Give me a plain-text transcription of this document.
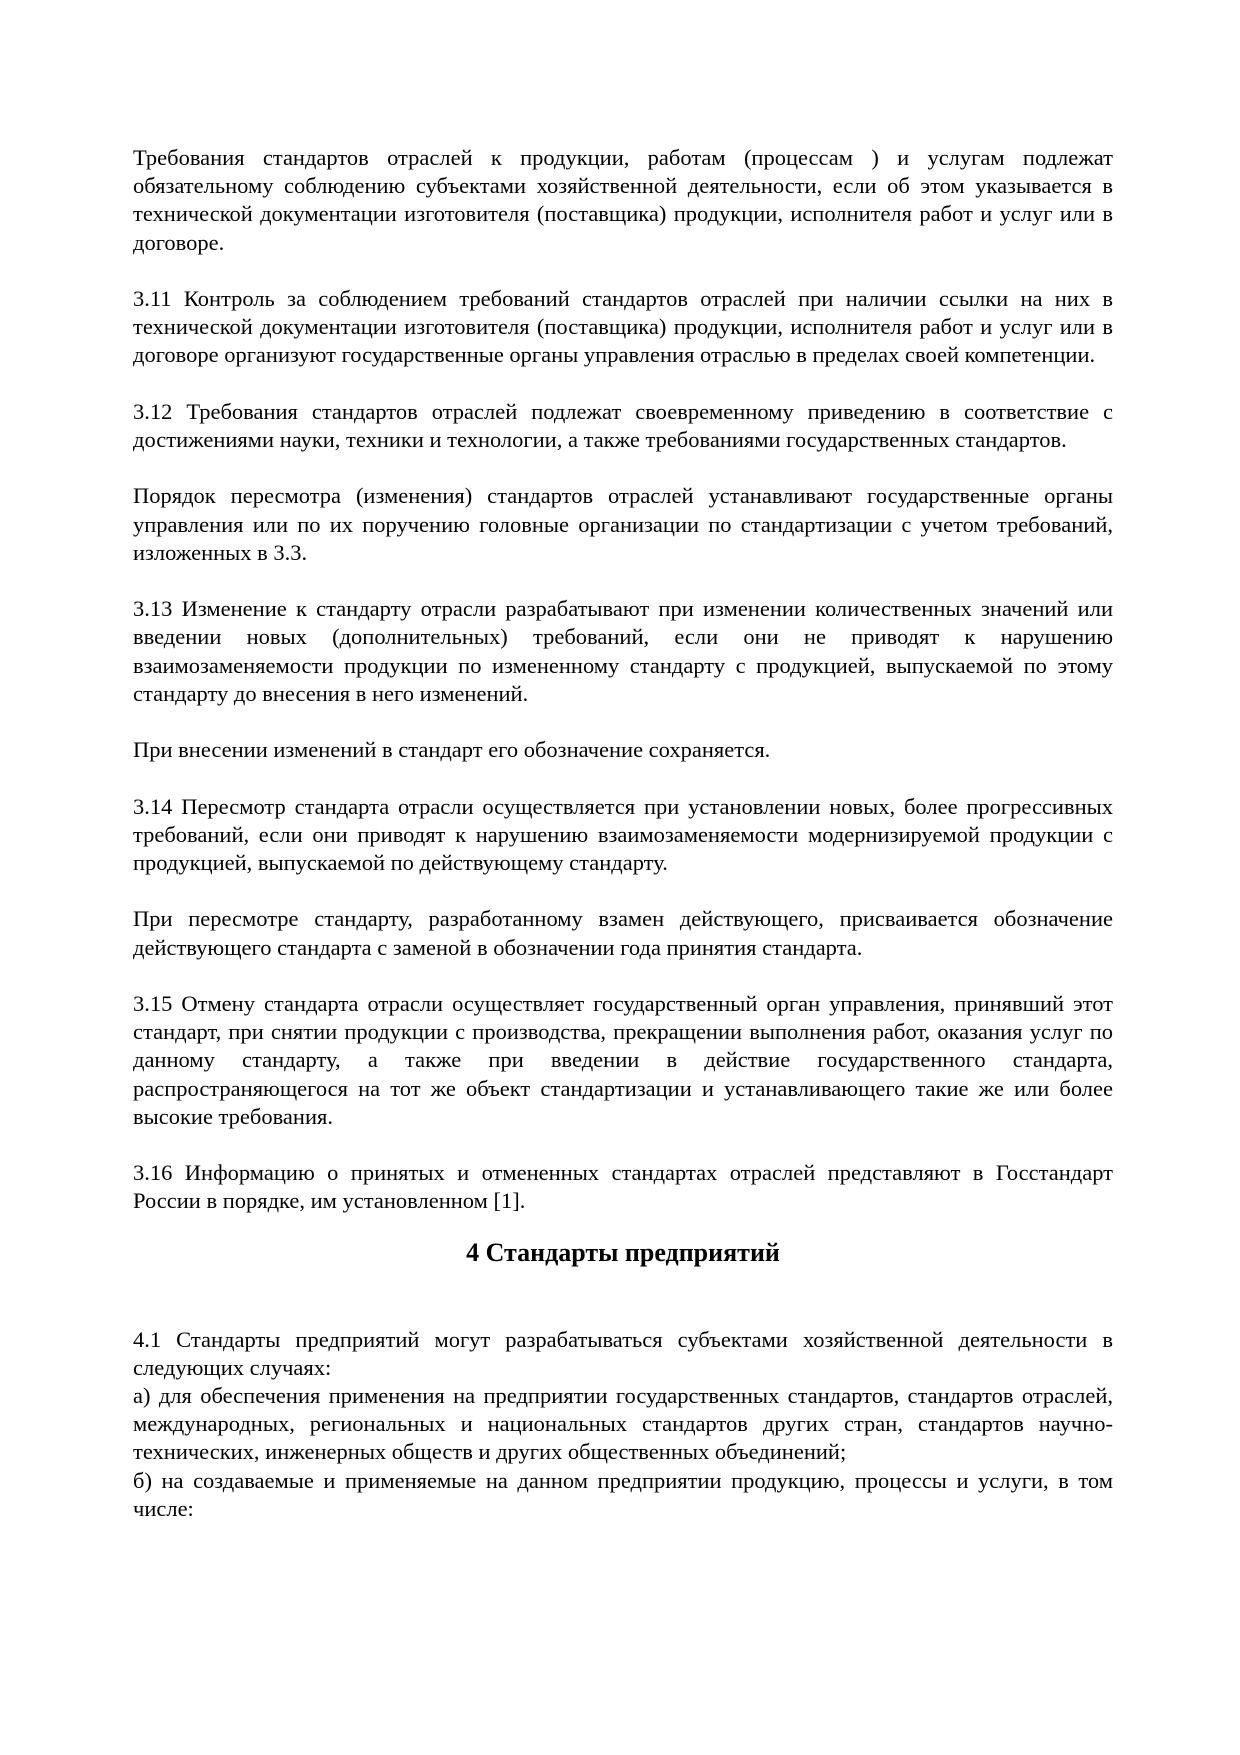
Требования стандартов отраслей к продукции, работам (процессам ) и услугам подлежат обязательному соблюдению субъектами хозяйственной деятельности, если об этом указывается в технической документации изготовителя (поставщика) продукции, исполнителя работ и услуг или в договоре.

3.11 Контроль за соблюдением требований стандартов отраслей при наличии ссылки на них в технической документации изготовителя (поставщика) продукции, исполнителя работ и услуг или в договоре организуют государственные органы управления отраслью в пределах своей компетенции.

3.12 Требования стандартов отраслей подлежат своевременному приведению в соответствие с достижениями науки, техники и технологии, а также требованиями государственных стандартов.

Порядок пересмотра (изменения) стандартов отраслей устанавливают государственные органы управления или по их поручению головные организации по стандартизации с учетом требований, изложенных в 3.3.

3.13 Изменение к стандарту отрасли разрабатывают при изменении количественных значений или введении новых (дополнительных) требований, если они не приводят к нарушению взаимозаменяемости продукции по измененному стандарту с продукцией, выпускаемой по этому стандарту до внесения в него изменений.

При внесении изменений в стандарт его обозначение сохраняется.

3.14 Пересмотр стандарта отрасли осуществляется при установлении новых, более прогрессивных требований, если они приводят к нарушению взаимозаменяемости модернизируемой продукции с продукцией, выпускаемой по действующему стандарту.

При пересмотре стандарту, разработанному взамен действующего, присваивается обозначение действующего стандарта с заменой в обозначении года принятия стандарта.

3.15 Отмену стандарта отрасли осуществляет государственный орган управления, принявший этот стандарт, при снятии продукции с производства, прекращении выполнения работ, оказания услуг по данному стандарту, а также при введении в действие государственного стандарта, распространяющегося на тот же объект стандартизации и устанавливающего такие же или более высокие требования.

3.16 Информацию о принятых и отмененных стандартах отраслей представляют в Госстандарт России в порядке, им установленном [1].

4 Стандарты предприятий

4.1 Стандарты предприятий могут разрабатываться субъектами хозяйственной деятельности в следующих случаях:

а) для обеспечения применения на предприятии государственных стандартов, стандартов отраслей, международных, региональных и национальных стандартов других стран, стандартов научно-технических, инженерных обществ и других общественных объединений;

б) на создаваемые и применяемые на данном предприятии продукцию, процессы и услуги, в том числе:
